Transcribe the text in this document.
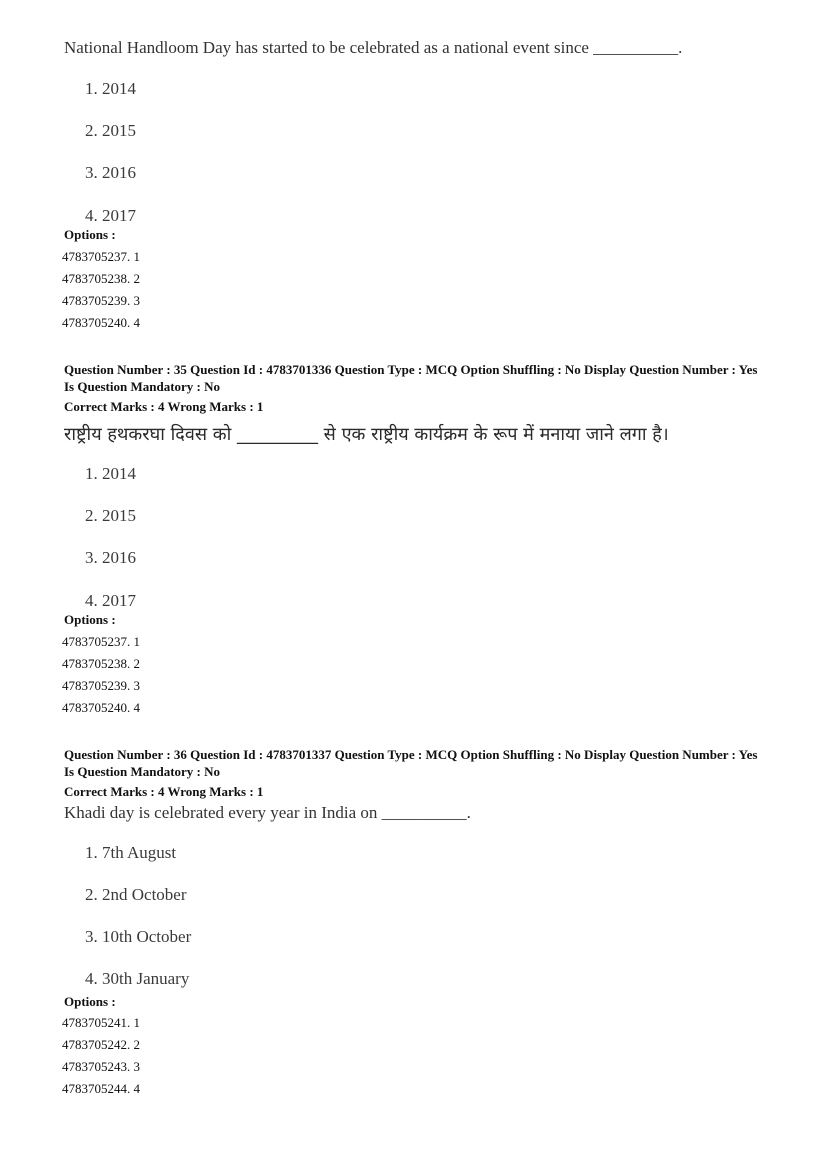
National Handloom Day has started to be celebrated as a national event since __________.
1. 2014
2. 2015
3. 2016
4. 2017
Options :
4783705237. 1
4783705238. 2
4783705239. 3
4783705240. 4
Question Number : 35 Question Id : 4783701336 Question Type : MCQ Option Shuffling : No Display Question Number : Yes Is Question Mandatory : No
Correct Marks : 4 Wrong Marks : 1
राष्ट्रीय हथकरघा दिवस को _________ से एक राष्ट्रीय कार्यक्रम के रूप में मनाया जाने लगा है।
1. 2014
2. 2015
3. 2016
4. 2017
Options :
4783705237. 1
4783705238. 2
4783705239. 3
4783705240. 4
Question Number : 36 Question Id : 4783701337 Question Type : MCQ Option Shuffling : No Display Question Number : Yes Is Question Mandatory : No
Correct Marks : 4 Wrong Marks : 1
Khadi day is celebrated every year in India on __________.
1. 7th August
2. 2nd October
3. 10th October
4. 30th January
Options :
4783705241. 1
4783705242. 2
4783705243. 3
4783705244. 4
